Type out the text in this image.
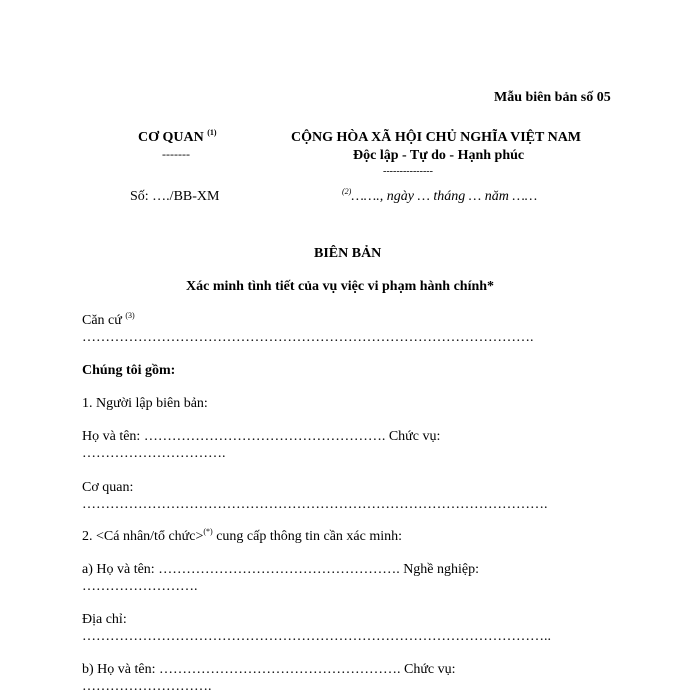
Mẫu biên bản số 05
CƠ QUAN $^{(1)}$
-------
CỘNG HÒA XÃ HỘI CHỦ NGHĨA VIỆT NAM
Độc lập - Tự do - Hạnh phúc
---------------
Số: …./BB-XM	$^{(2)}$……., ngày … tháng … năm ……
BIÊN BẢN
Xác minh tình tiết của vụ việc vi phạm hành chính*
Căn cứ $^{(3)}$
…………………………………………………………………………………….
Chúng tôi gồm:
1. Người lập biên bản:
Họ và tên: ……………………………………………. Chức vụ:
………………………….
Cơ quan:
……………………………………………………………………………………….
2. <Cá nhân/tổ chức>(*) cung cấp thông tin cần xác minh:
a) Họ và tên: ……………………………………………. Nghề nghiệp:
…………………….
Địa chỉ:
………………………………………………………………………………………..
b) Họ và tên: ……………………………………………. Chức vụ:
……………………….
